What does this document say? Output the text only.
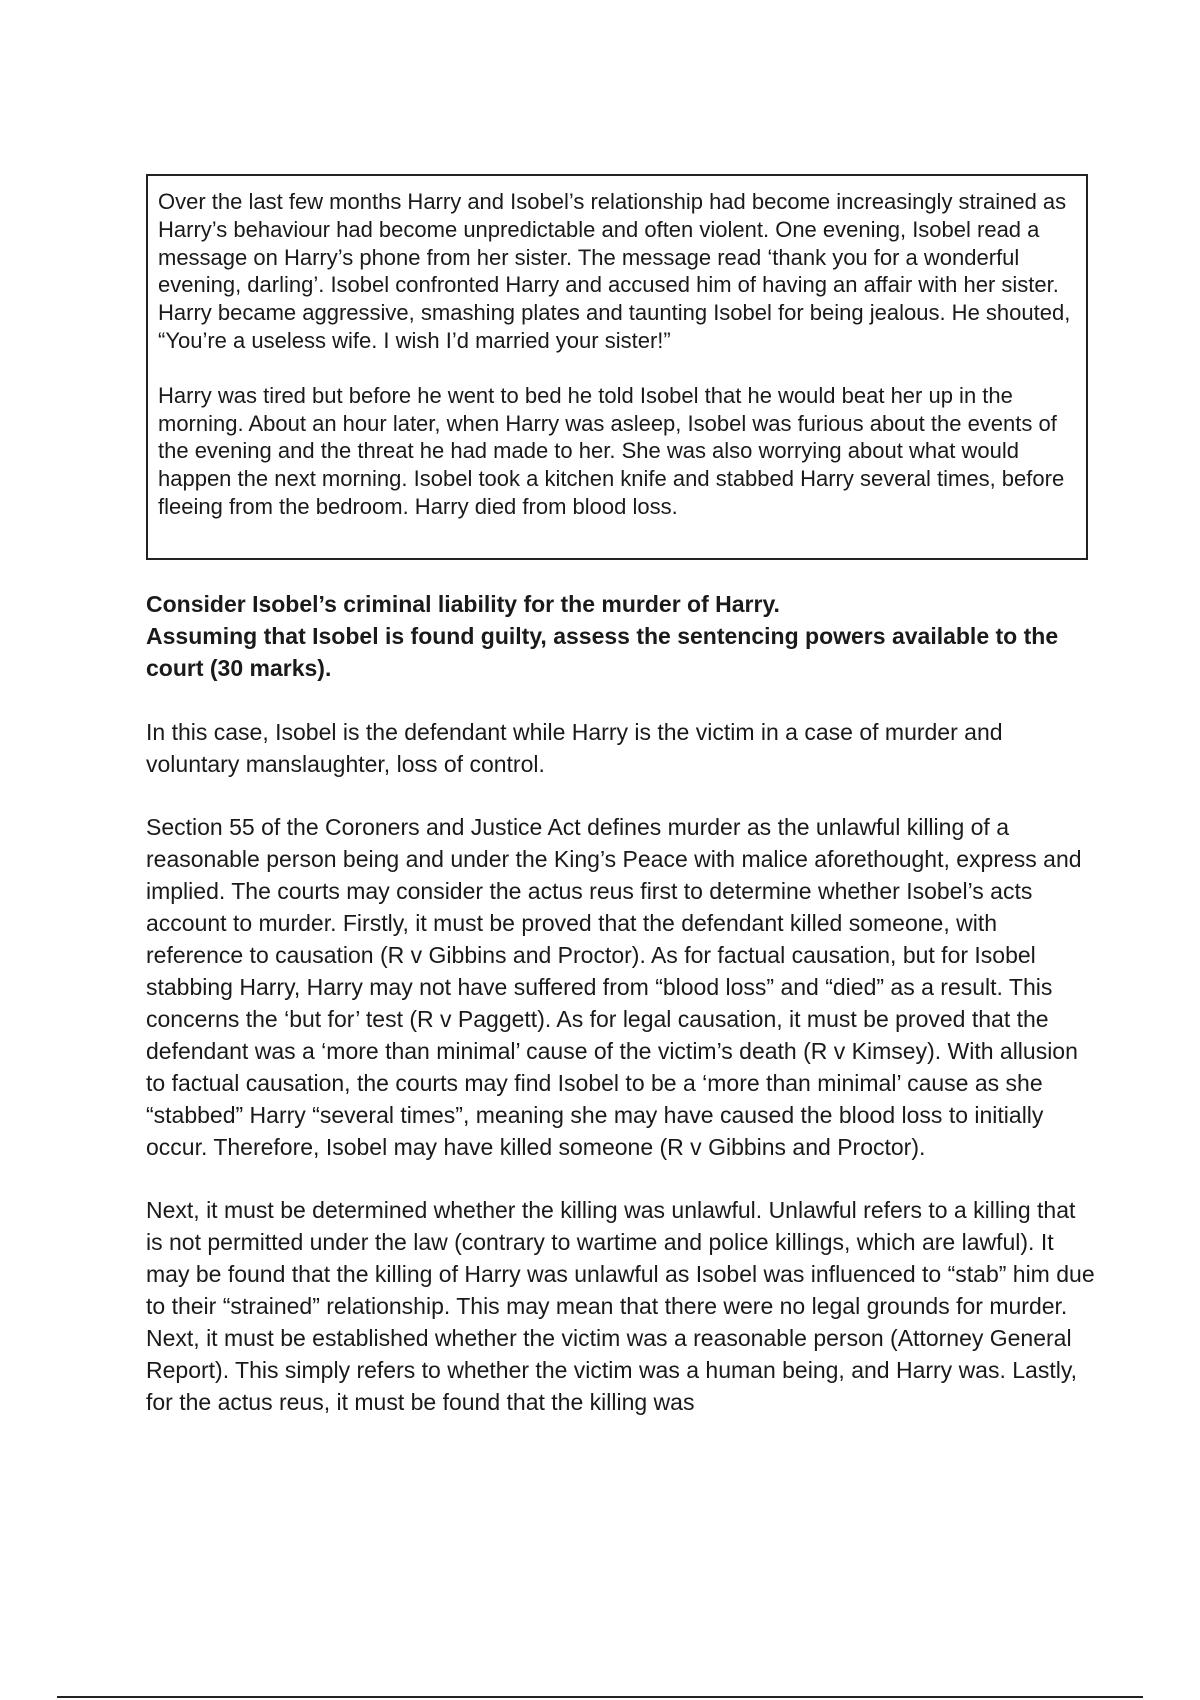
Over the last few months Harry and Isobel’s relationship had become increasingly strained as Harry’s behaviour had become unpredictable and often violent. One evening, Isobel read a message on Harry’s phone from her sister. The message read ‘thank you for a wonderful evening, darling’. Isobel confronted Harry and accused him of having an affair with her sister. Harry became aggressive, smashing plates and taunting Isobel for being jealous. He shouted, “You’re a useless wife. I wish I’d married your sister!”

Harry was tired but before he went to bed he told Isobel that he would beat her up in the morning. About an hour later, when Harry was asleep, Isobel was furious about the events of the evening and the threat he had made to her. She was also worrying about what would happen the next morning. Isobel took a kitchen knife and stabbed Harry several times, before fleeing from the bedroom. Harry died from blood loss.

Consider Isobel’s criminal liability for the murder of Harry.
Assuming that Isobel is found guilty, assess the sentencing powers available to the court (30 marks).

In this case, Isobel is the defendant while Harry is the victim in a case of murder and voluntary manslaughter, loss of control.

Section 55 of the Coroners and Justice Act defines murder as the unlawful killing of a reasonable person being and under the King’s Peace with malice aforethought, express and implied. The courts may consider the actus reus first to determine whether Isobel’s acts account to murder. Firstly, it must be proved that the defendant killed someone, with reference to causation (R v Gibbins and Proctor). As for factual causation, but for Isobel stabbing Harry, Harry may not have suffered from “blood loss” and “died” as a result. This concerns the ‘but for’ test (R v Paggett). As for legal causation, it must be proved that the defendant was a ‘more than minimal’ cause of the victim’s death (R v Kimsey). With allusion to factual causation, the courts may find Isobel to be a ‘more than minimal’ cause as she “stabbed” Harry “several times”, meaning she may have caused the blood loss to initially occur. Therefore, Isobel may have killed someone (R v Gibbins and Proctor).

Next, it must be determined whether the killing was unlawful. Unlawful refers to a killing that is not permitted under the law (contrary to wartime and police killings, which are lawful). It may be found that the killing of Harry was unlawful as Isobel was influenced to “stab” him due to their “strained” relationship. This may mean that there were no legal grounds for murder. Next, it must be established whether the victim was a reasonable person (Attorney General Report). This simply refers to whether the victim was a human being, and Harry was. Lastly, for the actus reus, it must be found that the killing was
